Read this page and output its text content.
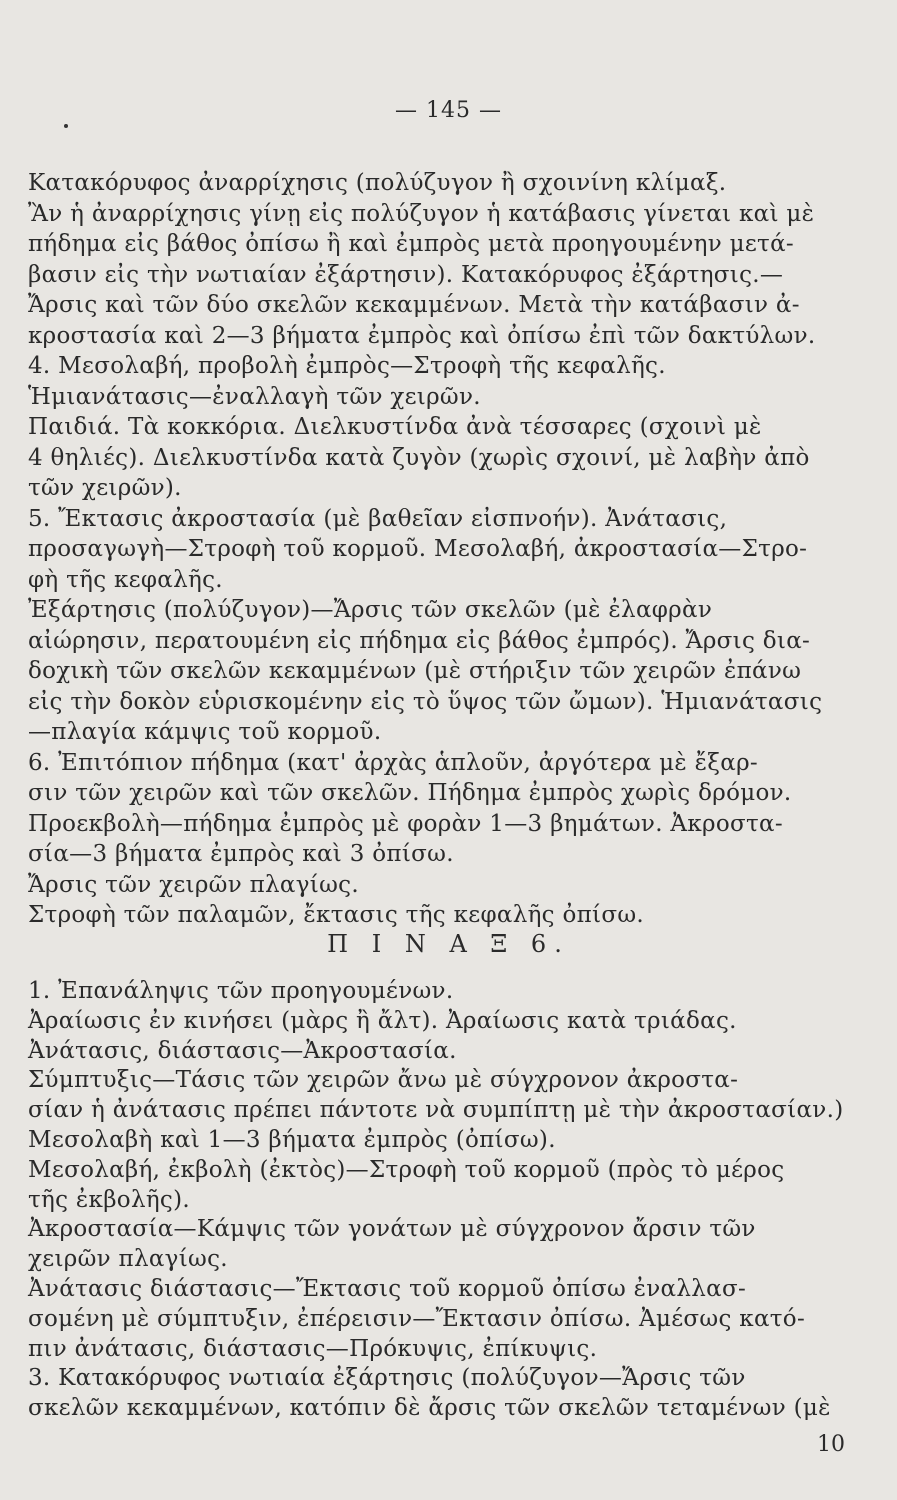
— 145 —
Κατακόρυφος ἀναρρίχησις (πολύζυγον ἢ σχοινίνη κλίμαξ.
Ἂν ἡ ἀναρρίχησις γίνῃ εἰς πολύζυγον ἡ κατάβασις γίνεται καὶ μὲ
πήδημα εἰς βάθος ὀπίσω ἢ καὶ ἐμπρὸς μετὰ προηγουμένην μετά-
βασιν εἰς τὴν νωτιαίαν ἐξάρτησιν). Κατακόρυφος ἐξάρτησις.—
Ἄρσις καὶ τῶν δύο σκελῶν κεκαμμένων. Μετὰ τὴν κατάβασιν ἀ-
κροστασία καὶ 2—3 βήματα ἐμπρὸς καὶ ὀπίσω ἐπὶ τῶν δακτύλων.
4. Μεσολαβή, προβολὴ ἐμπρὸς—Στροφὴ τῆς κεφαλῆς.
Ἡμιανάτασις—ἐναλλαγὴ τῶν χειρῶν.
Παιδιά. Τὰ κοκκόρια. Διελκυστίνδα ἀνὰ τέσσαρες (σχοινὶ μὲ
4 θηλιές). Διελκυστίνδα κατὰ ζυγὸν (χωρὶς σχοινί, μὲ λαβὴν ἀπὸ
τῶν χειρῶν).
5. Ἔκτασις ἀκροστασία (μὲ βαθεῖαν εἰσπνοήν). Ἀνάτασις,
προσαγωγὴ—Στροφὴ τοῦ κορμοῦ. Μεσολαβή, ἀκροστασία—Στρο-
φὴ τῆς κεφαλῆς.
Ἐξάρτησις (πολύζυγον)—Ἄρσις τῶν σκελῶν (μὲ ἐλαφρὰν
αἰώρησιν, περατουμένη εἰς πήδημα εἰς βάθος ἐμπρός). Ἄρσις δια-
δοχικὴ τῶν σκελῶν κεκαμμένων (μὲ στήριξιν τῶν χειρῶν ἐπάνω
εἰς τὴν δοκὸν εὑρισκομένην εἰς τὸ ὕψος τῶν ὤμων). Ἡμιανάτασις
—πλαγία κάμψις τοῦ κορμοῦ.
6. Ἐπιτόπιον πήδημα (κατ' ἀρχὰς ἁπλοῦν, ἀργότερα μὲ ἔξαρ-
σιν τῶν χειρῶν καὶ τῶν σκελῶν. Πήδημα ἐμπρὸς χωρὶς δρόμον.
Προεκβολὴ—πήδημα ἐμπρὸς μὲ φορὰν 1—3 βημάτων. Ἀκροστα-
σία—3 βήματα ἐμπρὸς καὶ 3 ὀπίσω.
Ἄρσις τῶν χειρῶν πλαγίως.
Στροφὴ τῶν παλαμῶν, ἔκτασις τῆς κεφαλῆς ὀπίσω.
Π Ι Ν Α Ξ 6.
1. Ἐπανάληψις τῶν προηγουμένων.
Ἀραίωσις ἐν κινήσει (μὰρς ἢ ἄλτ). Ἀραίωσις κατὰ τριάδας.
Ἀνάτασις, διάστασις—Ἀκροστασία.
Σύμπτυξις—Τάσις τῶν χειρῶν ἄνω μὲ σύγχρονον ἀκροστα-
σίαν ἡ ἀνάτασις πρέπει πάντοτε νὰ συμπίπτῃ μὲ τὴν ἀκροστασίαν.)
Μεσολαβὴ καὶ 1—3 βήματα ἐμπρὸς (ὀπίσω).
Μεσολαβή, ἐκβολὴ (ἐκτὸς)—Στροφὴ τοῦ κορμοῦ (πρὸς τὸ μέρος
τῆς ἐκβολῆς).
Ἀκροστασία—Κάμψις τῶν γονάτων μὲ σύγχρονον ἄρσιν τῶν
χειρῶν πλαγίως.
Ἀνάτασις διάστασις—Ἔκτασις τοῦ κορμοῦ ὀπίσω ἐναλλασ-
σομένη μὲ σύμπτυξιν, ἐπέρεισιν—Ἔκτασιν ὀπίσω. Ἀμέσως κατό-
πιν ἀνάτασις, διάστασις—Πρόκυψις, ἐπίκυψις.
3. Κατακόρυφος νωτιαία ἐξάρτησις (πολύζυγον—Ἄρσις τῶν
σκελῶν κεκαμμένων, κατόπιν δὲ ἄρσις τῶν σκελῶν τεταμένων (μὲ
10
